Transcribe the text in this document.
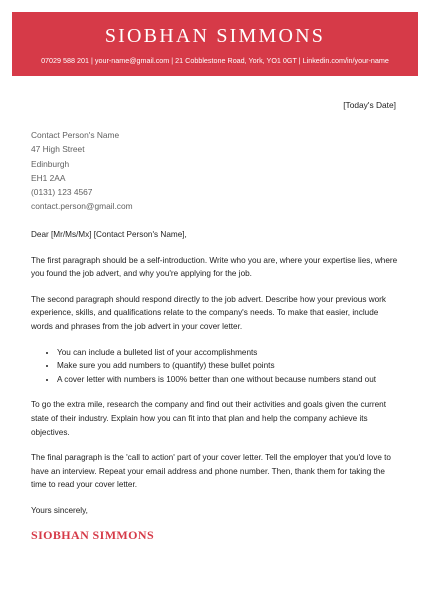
SIOBHAN SIMMONS
07029 588 201 | your-name@gmail.com | 21 Cobblestone Road, York, YO1 0GT | Linkedin.com/in/your-name
[Today's Date]
Contact Person's Name
47 High Street
Edinburgh
EH1 2AA
(0131) 123 4567
contact.person@gmail.com

Dear [Mr/Ms/Mx] [Contact Person's Name],

The first paragraph should be a self-introduction. Write who you are, where your expertise lies, where you found the job advert, and why you're applying for the job.

The second paragraph should respond directly to the job advert. Describe how your previous work experience, skills, and qualifications relate to the company's needs. To make that easier, include words and phrases from the job advert in your cover letter.

• You can include a bulleted list of your accomplishments
• Make sure you add numbers to (quantify) these bullet points
• A cover letter with numbers is 100% better than one without because numbers stand out

To go the extra mile, research the company and find out their activities and goals given the current state of their industry. Explain how you can fit into that plan and help the company achieve its objectives.

The final paragraph is the 'call to action' part of your cover letter. Tell the employer that you'd love to have an interview. Repeat your email address and phone number. Then, thank them for taking the time to read your cover letter.

Yours sincerely,

SIOBHAN SIMMONS
